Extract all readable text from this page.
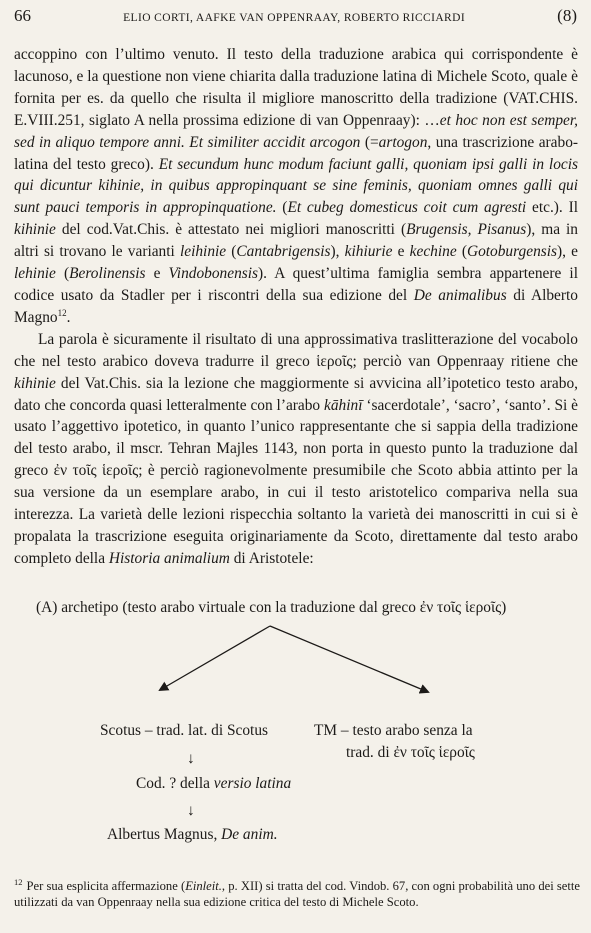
66	ELIO CORTI, AAFKE VAN OPPENRAAY, ROBERTO RICCIARDI	(8)

accoppino con l’ultimo venuto. Il testo della traduzione arabica qui corrispondente è lacunoso, e la questione non viene chiarita dalla traduzione latina di Michele Scoto, quale è fornita per es. da quello che risulta il migliore manoscritto della tradizione (VAT.CHIS. E.VIII.251, siglato A nella prossima edizione di van Oppenraay): …et hoc non est semper, sed in aliquo tempore anni. Et similiter accidit arcogon (=artogon, una trascrizione arabo-latina del testo greco). Et secundum hunc modum faciunt galli, quoniam ipsi galli in locis qui dicuntur kihinie, in quibus appropinquant se sine feminis, quoniam omnes galli qui sunt pauci temporis in appropinquatione. (Et cubeg domesticus coit cum agresti etc.). Il kihinie del cod.Vat.Chis. è attestato nei migliori manoscritti (Brugensis, Pisanus), ma in altri si trovano le varianti leihinie (Cantabrigensis), kihiurie e kechine (Gotoburgensis), e lehinie (Berolinensis e Vindobonensis). A quest’ultima famiglia sembra appartenere il codice usato da Stadler per i riscontri della sua edizione del De animalibus di Alberto Magno$^{12}$.

La parola è sicuramente il risultato di una approssimativa traslitterazione del vocabolo che nel testo arabico doveva tradurre il greco ἱεροῖς; perciò van Oppenraay ritiene che kihinie del Vat.Chis. sia la lezione che maggiormente si avvicina all’ipotetico testo arabo, dato che concorda quasi letteralmente con l’arabo kāhinī ‘sacerdotale’, ‘sacro’, ‘santo’. Si è usato l’aggettivo ipotetico, in quanto l’unico rappresentante che si sappia della tradizione del testo arabo, il mscr. Tehran Majles 1143, non porta in questo punto la traduzione dal greco ἐν τοῖς ἱεροῖς; è perciò ragionevolmente presumibile che Scoto abbia attinto per la sua versione da un esemplare arabo, in cui il testo aristotelico compariva nella sua interezza. La varietà delle lezioni rispecchia soltanto la varietà dei manoscritti in cui si è propalata la trascrizione eseguita originariamente da Scoto, direttamente dal testo arabo completo della Historia animalium di Aristotele:

(A) archetipo (testo arabo virtuale con la traduzione dal greco ἐν τοῖς ἱεροῖς)
Scotus – trad. lat. di Scotus	TM – testo arabo senza la
trad. di ἐν τοῖς ἱεροῖς
↓
Cod. ? della versio latina
↓
Albertus Magnus, De anim.
$^{12}$ Per sua esplicita affermazione (Einleit., p. XII) si tratta del cod. Vindob. 67, con ogni probabilità uno dei sette utilizzati da van Oppenraay nella sua edizione critica del testo di Michele Scoto.
